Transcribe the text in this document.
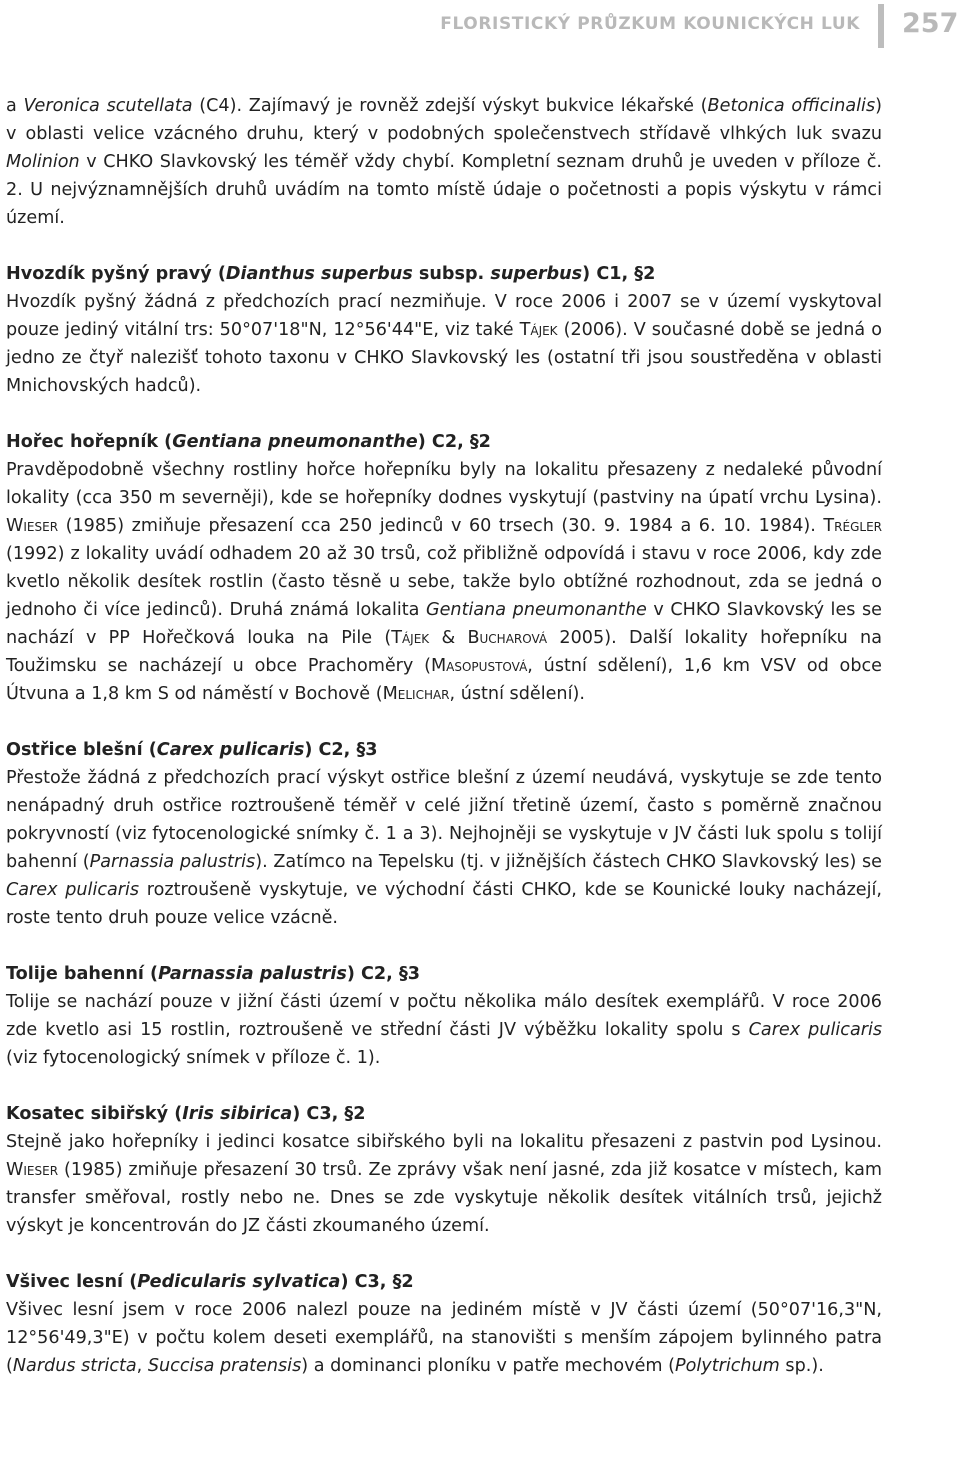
FLORISTICKÝ PRŮZKUM KOUNICKÝCH LUK 257

a Veronica scutellata (C4). Zajímavý je rovněž zdejší výskyt bukvice lékařské (Betonica officinalis) v oblasti velice vzácného druhu, který v podobných společenstvech střídavě vlhkých luk svazu Molinion v CHKO Slavkovský les téměř vždy chybí. Kompletní seznam druhů je uveden v příloze č. 2. U nejvýznamnějších druhů uvádím na tomto místě údaje o početnosti a popis výskytu v rámci území.

Hvozdík pyšný pravý (Dianthus superbus subsp. superbus) C1, §2

Hvozdík pyšný žádná z předchozích prací nezmiňuje. V roce 2006 i 2007 se v území vyskytoval pouze jediný vitální trs: 50°07'18"N, 12°56'44"E, viz také Tájek (2006). V současné době se jedná o jedno ze čtyř nalezišť tohoto taxonu v CHKO Slavkovský les (ostatní tři jsou soustředěna v oblasti Mnichovských hadců).

Hořec hořepník (Gentiana pneumonanthe) C2, §2

Pravděpodobně všechny rostliny hořce hořepníku byly na lokalitu přesazeny z nedaleké původní lokality (cca 350 m severněji), kde se hořepníky dodnes vyskytují (pastviny na úpatí vrchu Lysina). Wieser (1985) zmiňuje přesazení cca 250 jedinců v 60 trsech (30. 9. 1984 a 6. 10. 1984). Trégler (1992) z lokality uvádí odhadem 20 až 30 trsů, což přibližně odpovídá i stavu v roce 2006, kdy zde kvetlo několik desítek rostlin (často těsně u sebe, takže bylo obtížné rozhodnout, zda se jedná o jednoho či více jedinců). Druhá známá lokalita Gentiana pneumonanthe v CHKO Slavkovský les se nachází v PP Hořečková louka na Pile (Tájek & Bucharová 2005). Další lokality hořepníku na Toužimsku se nacházejí u obce Prachoměry (Masopustová, ústní sdělení), 1,6 km VSV od obce Útvuna a 1,8 km S od náměstí v Bochově (Melichar, ústní sdělení).

Ostřice blešní (Carex pulicaris) C2, §3

Přestože žádná z předchozích prací výskyt ostřice blešní z území neudává, vyskytuje se zde tento nenápadný druh ostřice roztroušeně téměř v celé jižní třetině území, často s poměrně značnou pokryvností (viz fytocenologické snímky č. 1 a 3). Nejhojněji se vyskytuje v JV části luk spolu s tolijí bahenní (Parnassia palustris). Zatímco na Tepelsku (tj. v jižnějších částech CHKO Slavkovský les) se Carex pulicaris roztroušeně vyskytuje, ve východní části CHKO, kde se Kounické louky nacházejí, roste tento druh pouze velice vzácně.

Tolije bahenní (Parnassia palustris) C2, §3

Tolije se nachází pouze v jižní části území v počtu několika málo desítek exemplářů. V roce 2006 zde kvetlo asi 15 rostlin, roztroušeně ve střední části JV výběžku lokality spolu s Carex pulicaris (viz fytocenologický snímek v příloze č. 1).

Kosatec sibiřský (Iris sibirica) C3, §2

Stejně jako hořepníky i jedinci kosatce sibiřského byli na lokalitu přesazeni z pastvin pod Lysinou. Wieser (1985) zmiňuje přesazení 30 trsů. Ze zprávy však není jasné, zda již kosatce v místech, kam transfer směřoval, rostly nebo ne. Dnes se zde vyskytuje několik desítek vitálních trsů, jejichž výskyt je koncentrován do JZ části zkoumaného území.

Všivec lesní (Pedicularis sylvatica) C3, §2

Všivec lesní jsem v roce 2006 nalezl pouze na jediném místě v JV části území (50°07'16,3"N, 12°56'49,3"E) v počtu kolem deseti exemplářů, na stanovišti s menším zápojem bylinného patra (Nardus stricta, Succisa pratensis) a dominanci ploníku v patře mechovém (Polytrichum sp.).
